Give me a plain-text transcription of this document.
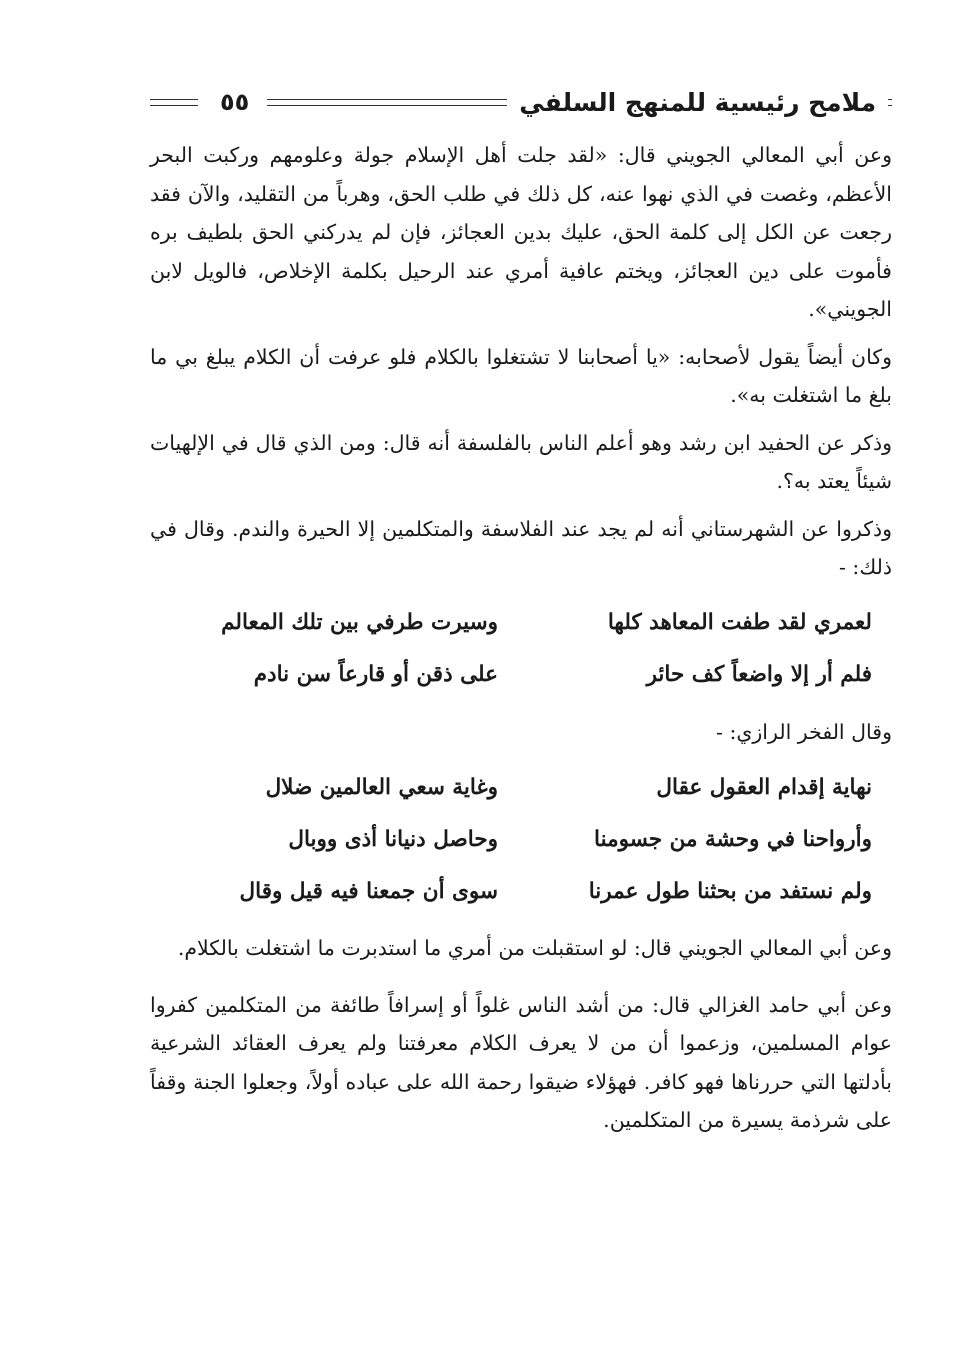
٥٥	ملامح رئيسية للمنهج السلفي

وعن أبي المعالي الجويني قال: «لقد جلت أهل الإسلام جولة وعلومهم وركبت البحر الأعظم، وغصت في الذي نهوا عنه، كل ذلك في طلب الحق، وهرباً من التقليد، والآن فقد رجعت عن الكل إلى كلمة الحق، عليك بدين العجائز، فإن لم يدركني الحق بلطيف بره فأموت على دين العجائز، ويختم عافية أمري عند الرحيل بكلمة الإخلاص، فالويل لابن الجويني».

وكان أيضاً يقول لأصحابه: «يا أصحابنا لا تشتغلوا بالكلام فلو عرفت أن الكلام يبلغ بي ما بلغ ما اشتغلت به».

وذكر عن الحفيد ابن رشد وهو أعلم الناس بالفلسفة أنه قال: ومن الذي قال في الإلهيات شيئاً يعتد به؟.

وذكروا عن الشهرستاني أنه لم يجد عند الفلاسفة والمتكلمين إلا الحيرة والندم. وقال في ذلك: -

لعمري لقد طفت المعاهد كلها
وسيرت طرفي بين تلك المعالم
فلم أر إلا واضعاً كف حائر
على ذقن أو قارعاً سن نادم

وقال الفخر الرازي: -

نهاية إقدام العقول عقال
وغاية سعي العالمين ضلال
وأرواحنا في وحشة من جسومنا
وحاصل دنيانا أذى ووبال
ولم نستفد من بحثنا طول عمرنا
سوى أن جمعنا فيه قيل وقال

وعن أبي المعالي الجويني قال: لو استقبلت من أمري ما استدبرت ما اشتغلت بالكلام.

وعن أبي حامد الغزالي قال: من أشد الناس غلواً أو إسرافاً طائفة من المتكلمين كفروا عوام المسلمين، وزعموا أن من لا يعرف الكلام معرفتنا ولم يعرف العقائد الشرعية بأدلتها التي حررناها فهو كافر. فهؤلاء ضيقوا رحمة الله على عباده أولاً، وجعلوا الجنة وقفاً على شرذمة يسيرة من المتكلمين.
